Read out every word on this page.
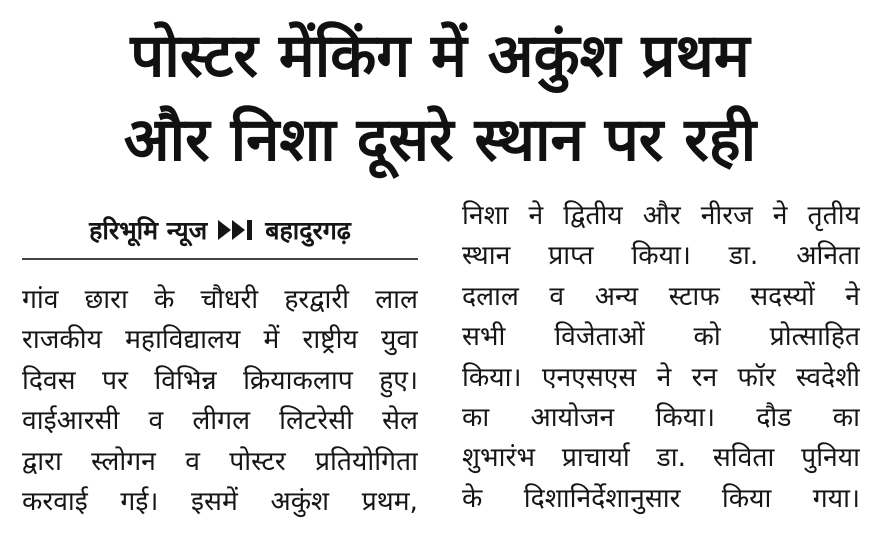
पोस्टर मेंकिंग में अकुंश प्रथम
और निशा दूसरे स्थान पर रही
हरिभूमि न्यूज बहादुरगढ़
गांव छारा के चौधरी हरद्वारी लाल
राजकीय महाविद्यालय में राष्ट्रीय युवा
दिवस पर विभिन्न क्रियाकलाप हुए।
वाईआरसी व लीगल लिटरेसी सेल
द्वारा स्लोगन व पोस्टर प्रतियोगिता
करवाई गई। इसमें अकुंश प्रथम,
निशा ने द्वितीय और नीरज ने तृतीय
स्थान प्राप्त किया। डा. अनिता
दलाल व अन्य स्टाफ सदस्यों ने
सभी विजेताओं को प्रोत्साहित
किया। एनएसएस ने रन फॉर स्वदेशी
का आयोजन किया। दौड का
शुभारंभ प्राचार्या डा. सविता पुनिया
के दिशानिर्देशानुसार किया गया।
